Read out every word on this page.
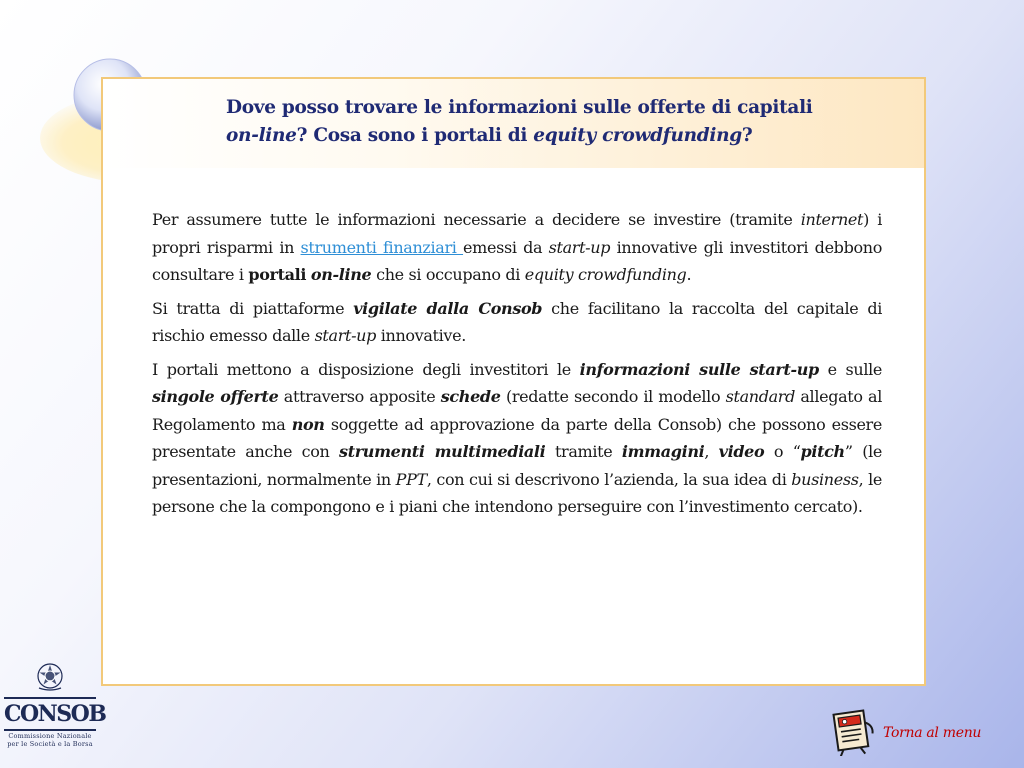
Dove posso trovare le informazioni sulle offerte di capitali
on-line? Cosa sono i portali di equity crowdfunding?

Per assumere tutte le informazioni necessarie a decidere se investire (tramite internet) i propri risparmi in strumenti finanziari emessi da start-up innovative gli investitori debbono consultare i portali on-line che si occupano di equity crowdfunding.

Si tratta di piattaforme vigilate dalla Consob che facilitano la raccolta del capitale di rischio emesso dalle start-up innovative.

I portali mettono a disposizione degli investitori le informazioni sulle start-up e sulle singole offerte attraverso apposite schede (redatte secondo il modello standard allegato al Regolamento ma non soggette ad approvazione da parte della Consob) che possono essere presentate anche con strumenti multimediali tramite immagini, video o “pitch” (le presentazioni, normalmente in PPT, con cui si descrivono l’azienda, la sua idea di business, le persone che la compongono e i piani che intendono perseguire con l’investimento cercato).

CONSOB
Commissione Nazionale
per le Società e la Borsa
Torna al menu
